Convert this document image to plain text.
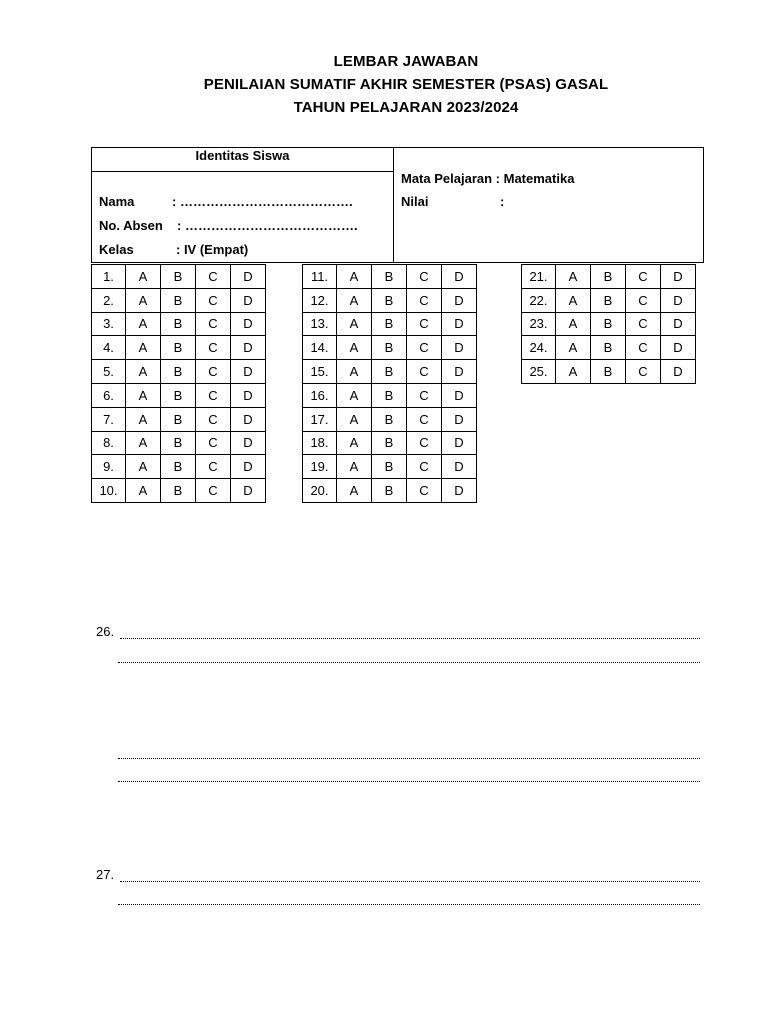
LEMBAR JAWABAN
PENILAIAN SUMATIF AKHIR SEMESTER (PSAS) GASAL
TAHUN PELAJARAN 2023/2024
Identitas Siswa
Nama	: ………………………………….
No. Absen : ………………………………….
Kelas	: IV (Empat)
Mata Pelajaran : Matematika
Nilai	:
1.	A	B	C	D
2.	A	B	C	D
3.	A	B	C	D
4.	A	B	C	D
5.	A	B	C	D
6.	A	B	C	D
7.	A	B	C	D
8.	A	B	C	D
9.	A	B	C	D
10.	A	B	C	D
11.	A	B	C	D
12.	A	B	C	D
13.	A	B	C	D
14.	A	B	C	D
15.	A	B	C	D
16.	A	B	C	D
17.	A	B	C	D
18.	A	B	C	D
19.	A	B	C	D
20.	A	B	C	D
21.	A	B	C	D
22.	A	B	C	D
23.	A	B	C	D
24.	A	B	C	D
25.	A	B	C	D
26.
27.
